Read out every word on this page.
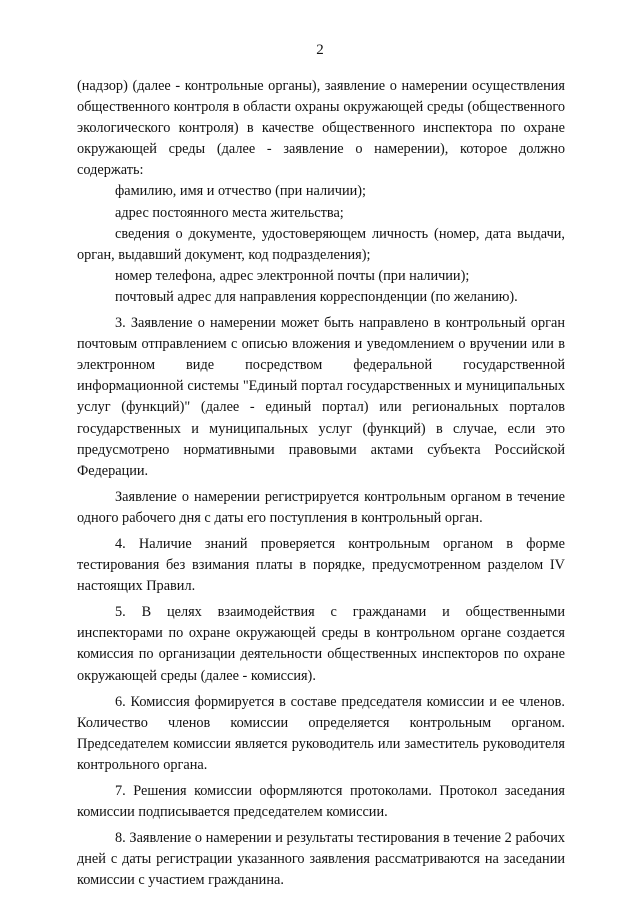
2

(надзор) (далее - контрольные органы), заявление о намерении осуществления общественного контроля в области охраны окружающей среды (общественного экологического контроля) в качестве общественного инспектора по охране окружающей среды (далее - заявление о намерении), которое должно содержать:

фамилию, имя и отчество (при наличии);

адрес постоянного места жительства;

сведения о документе, удостоверяющем личность (номер, дата выдачи, орган, выдавший документ, код подразделения);

номер телефона, адрес электронной почты (при наличии);

почтовый адрес для направления корреспонденции (по желанию).

3. Заявление о намерении может быть направлено в контрольный орган почтовым отправлением с описью вложения и уведомлением о вручении или в электронном виде посредством федеральной государственной информационной системы "Единый портал государственных и муниципальных услуг (функций)" (далее - единый портал) или региональных порталов государственных и муниципальных услуг (функций) в случае, если это предусмотрено нормативными правовыми актами субъекта Российской Федерации.

Заявление о намерении регистрируется контрольным органом в течение одного рабочего дня с даты его поступления в контрольный орган.

4. Наличие знаний проверяется контрольным органом в форме тестирования без взимания платы в порядке, предусмотренном разделом IV настоящих Правил.

5. В целях взаимодействия с гражданами и общественными инспекторами по охране окружающей среды в контрольном органе создается комиссия по организации деятельности общественных инспекторов по охране окружающей среды (далее - комиссия).

6. Комиссия формируется в составе председателя комиссии и ее членов. Количество членов комиссии определяется контрольным органом. Председателем комиссии является руководитель или заместитель руководителя контрольного органа.

7. Решения комиссии оформляются протоколами. Протокол заседания комиссии подписывается председателем комиссии.

8. Заявление о намерении и результаты тестирования в течение 2 рабочих дней с даты регистрации указанного заявления рассматриваются на заседании комиссии с участием гражданина.
